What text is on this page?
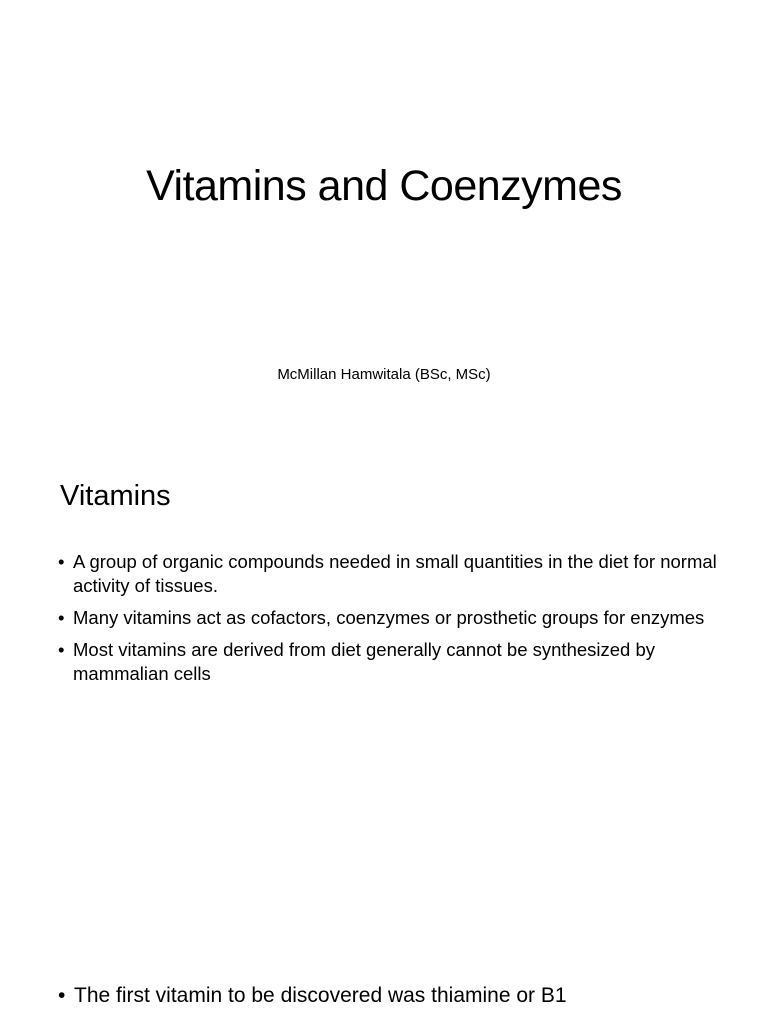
Vitamins and Coenzymes
McMillan Hamwitala (BSc, MSc)
Vitamins
• A group of organic compounds needed in small quantities in the diet for normal activity of tissues.
• Many vitamins act as cofactors, coenzymes or prosthetic groups for enzymes
• Most vitamins are derived from diet generally cannot be synthesized by mammalian cells
• The first vitamin to be discovered was thiamine or B1
